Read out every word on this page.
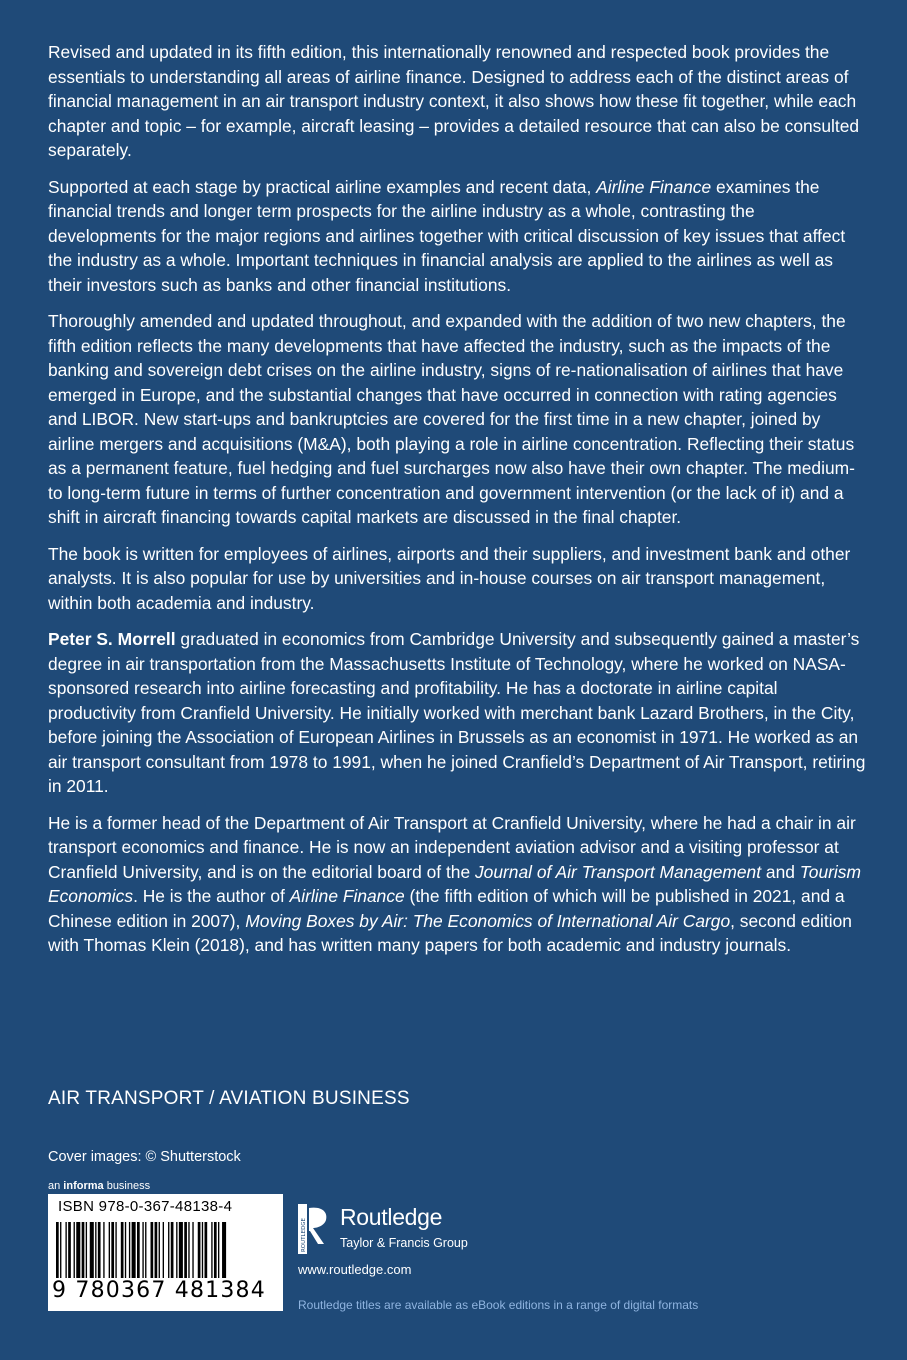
Revised and updated in its fifth edition, this internationally renowned and respected book provides the essentials to understanding all areas of airline finance. Designed to address each of the distinct areas of financial management in an air transport industry context, it also shows how these fit together, while each chapter and topic – for example, aircraft leasing – provides a detailed resource that can also be consulted separately.

Supported at each stage by practical airline examples and recent data, Airline Finance examines the financial trends and longer term prospects for the airline industry as a whole, contrasting the developments for the major regions and airlines together with critical discussion of key issues that affect the industry as a whole. Important techniques in financial analysis are applied to the airlines as well as their investors such as banks and other financial institutions.

Thoroughly amended and updated throughout, and expanded with the addition of two new chapters, the fifth edition reflects the many developments that have affected the industry, such as the impacts of the banking and sovereign debt crises on the airline industry, signs of re-nationalisation of airlines that have emerged in Europe, and the substantial changes that have occurred in connection with rating agencies and LIBOR. New start-ups and bankruptcies are covered for the first time in a new chapter, joined by airline mergers and acquisitions (M&A), both playing a role in airline concentration. Reflecting their status as a permanent feature, fuel hedging and fuel surcharges now also have their own chapter. The medium- to long-term future in terms of further concentration and government intervention (or the lack of it) and a shift in aircraft financing towards capital markets are discussed in the final chapter.

The book is written for employees of airlines, airports and their suppliers, and investment bank and other analysts. It is also popular for use by universities and in-house courses on air transport management, within both academia and industry.

Peter S. Morrell graduated in economics from Cambridge University and subsequently gained a master’s degree in air transportation from the Massachusetts Institute of Technology, where he worked on NASA-sponsored research into airline forecasting and profitability. He has a doctorate in airline capital productivity from Cranfield University. He initially worked with merchant bank Lazard Brothers, in the City, before joining the Association of European Airlines in Brussels as an economist in 1971. He worked as an air transport consultant from 1978 to 1991, when he joined Cranfield’s Department of Air Transport, retiring in 2011.

He is a former head of the Department of Air Transport at Cranfield University, where he had a chair in air transport economics and finance. He is now an independent aviation advisor and a visiting professor at Cranfield University, and is on the editorial board of the Journal of Air Transport Management and Tourism Economics. He is the author of Airline Finance (the fifth edition of which will be published in 2021, and a Chinese edition in 2007), Moving Boxes by Air: The Economics of International Air Cargo, second edition with Thomas Klein (2018), and has written many papers for both academic and industry journals.

AIR TRANSPORT / AVIATION BUSINESS
Cover images: © Shutterstock
an informa business
ISBN 978-0-367-48138-4
9 780367 481384
ROUTLEDGE
Routledge
Taylor & Francis Group
www.routledge.com
Routledge titles are available as eBook editions in a range of digital formats
